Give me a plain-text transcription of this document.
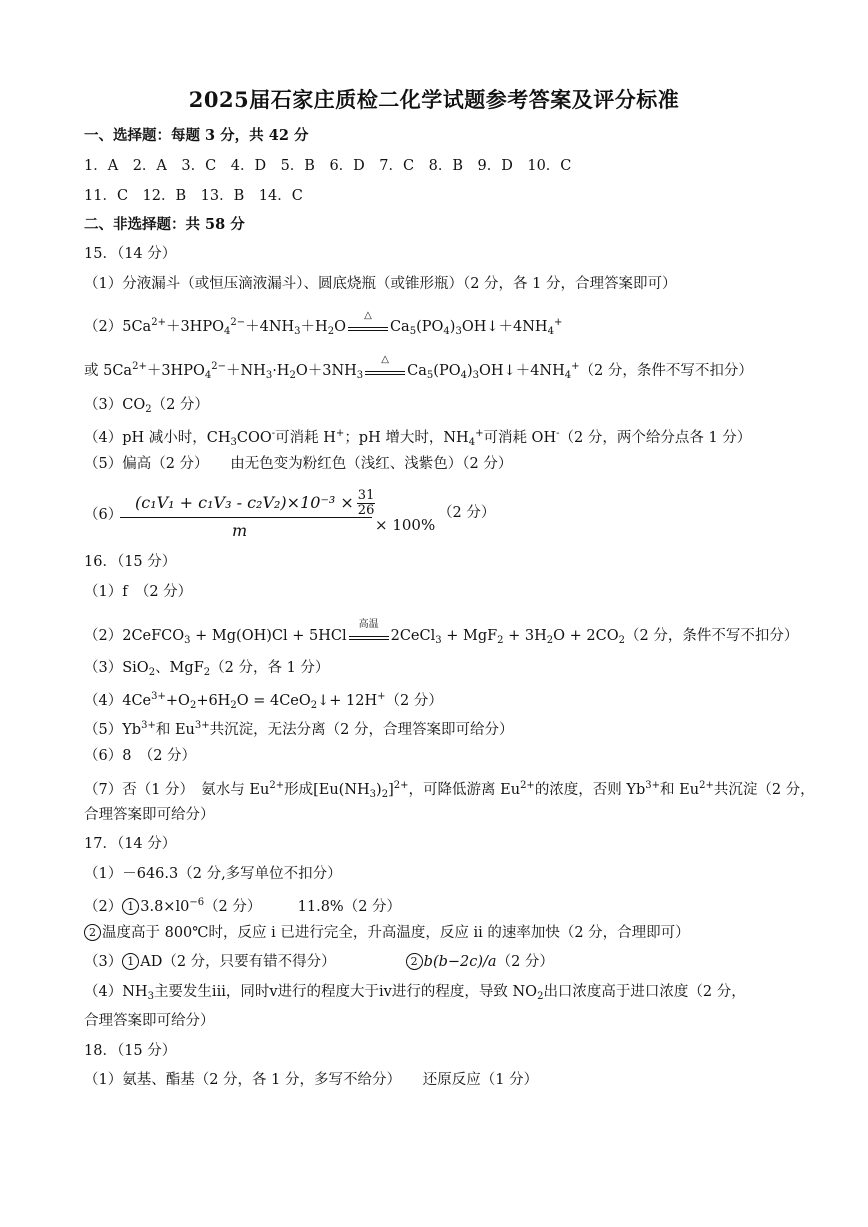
2025届石家庄质检二化学试题参考答案及评分标准
一、选择题：每题 3 分，共 42 分
1．A　2．A　3．C　4．D　5．B　6．D　7．C　8．B　9．D　10．C
11．C　12．B　13．B　14．C
二、非选择题：共 58 分
15．（14 分）
（1）分液漏斗（或恒压滴液漏斗）、圆底烧瓶（或锥形瓶）（2 分，各 1 分，合理答案即可）
$(2)5Ca^{2+}+3HPO_4^{2-}+4NH_3+H_2O$
△
$Ca_5(PO_4)_3OH↓+4NH_4^+$
或 $5Ca^{2+}+3HPO_4^{2-}+NH_3\cdot H_2O+3NH_3$
△
$Ca_5(PO_4)_3OH↓+4NH_4^+(2$ 分，条件不写不扣分）
$(3)CO_2(2$ 分）
（4）pH 减小时，$CH_3COO^-$可消耗 H+；pH 增大时，$NH_4^+$可消耗 OH-（2 分，两个给分点各 1 分）
（5）偏高（2 分）　　由无色变为粉红色（浅红、浅紫色）（2 分）
（6）
$(c_1V_1 + c_1V_3 - c_2V_2)\times 10^{-3} \times \frac{31}{26}$
m	× 100%
（2 分）
16．（15 分）
（1）f　（2 分）
（2）2CeFCO$_3$ + Mg(OH)Cl + 5HCl
高温
2CeCl$_3$ + $MgF_2 + 3H_2O + 2CO_2(2$ 分，条件不写不扣分）
（3）SiO$_2$、MgF$_2$（2 分，各 1 分）
$(4)4Ce^{3+}+O_2+6H_2O$ = 4CeO$_2$↓+ 12H+（2 分）
$(5)Yb^{3+}$和 $Eu^{3+}$共沉淀，无法分离（2 分，合理答案即可给分）
（6）8　（2 分）
（7）否（1 分）　氨水与 $Eu^{2+}$形成$[Eu(NH_3)_2]^{2+}$，可降低游离 $Eu^{2+}$的浓度，否则 $Yb^{3+}$和 $Eu^{2+}$共沉淀（2 分，
合理答案即可给分）
17．（14 分）
（1）－646.3（2 分,多写单位不扣分）
（2） 1 $3.8\times l0^{-6}(2$ 分）　　　11.8%（2 分）
2 温度高于 800℃时，反应 i 已进行完全，升高温度，反应 ii 的速率加快（2 分，合理即可）
（3） 1 AD（2 分，只要有错不得分）	2 b(b−2c)/a（2 分）
$(4)NH_3$主要发生iii，同时v进行的程度大于iv进行的程度，导致 $NO_2$出口浓度高于进口浓度（2 分，
合理答案即可给分）
18．（15 分）
（1）氨基、酯基（2 分，各 1 分，多写不给分）　　还原反应（1 分）
